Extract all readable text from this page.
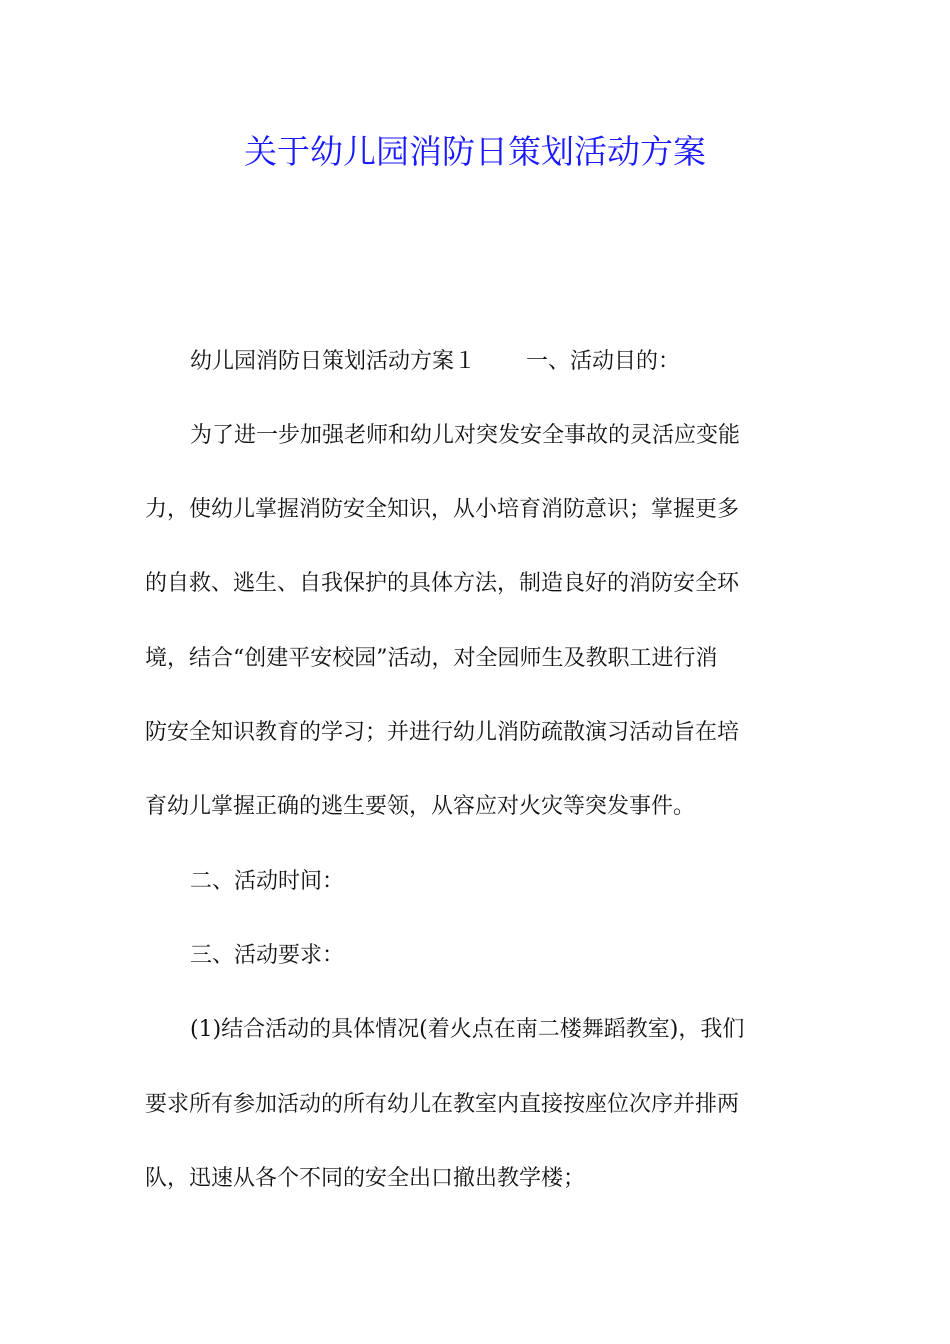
关于幼儿园消防日策划活动方案
幼儿园消防日策划活动方案１ 一、活动目的：
为了进一步加强老师和幼儿对突发安全事故的灵活应变能
力，使幼儿掌握消防安全知识，从小培育消防意识；掌握更多
的自救、逃生、自我保护的具体方法，制造良好的消防安全环
境，结合“创建平安校园”活动，对全园师生及教职工进行消
防安全知识教育的学习；并进行幼儿消防疏散演习活动旨在培
育幼儿掌握正确的逃生要领，从容应对火灾等突发事件。
二、活动时间：
三、活动要求：
(1)结合活动的具体情况(着火点在南二楼舞蹈教室)，我们
要求所有参加活动的所有幼儿在教室内直接按座位次序并排两
队，迅速从各个不同的安全出口撤出教学楼；
